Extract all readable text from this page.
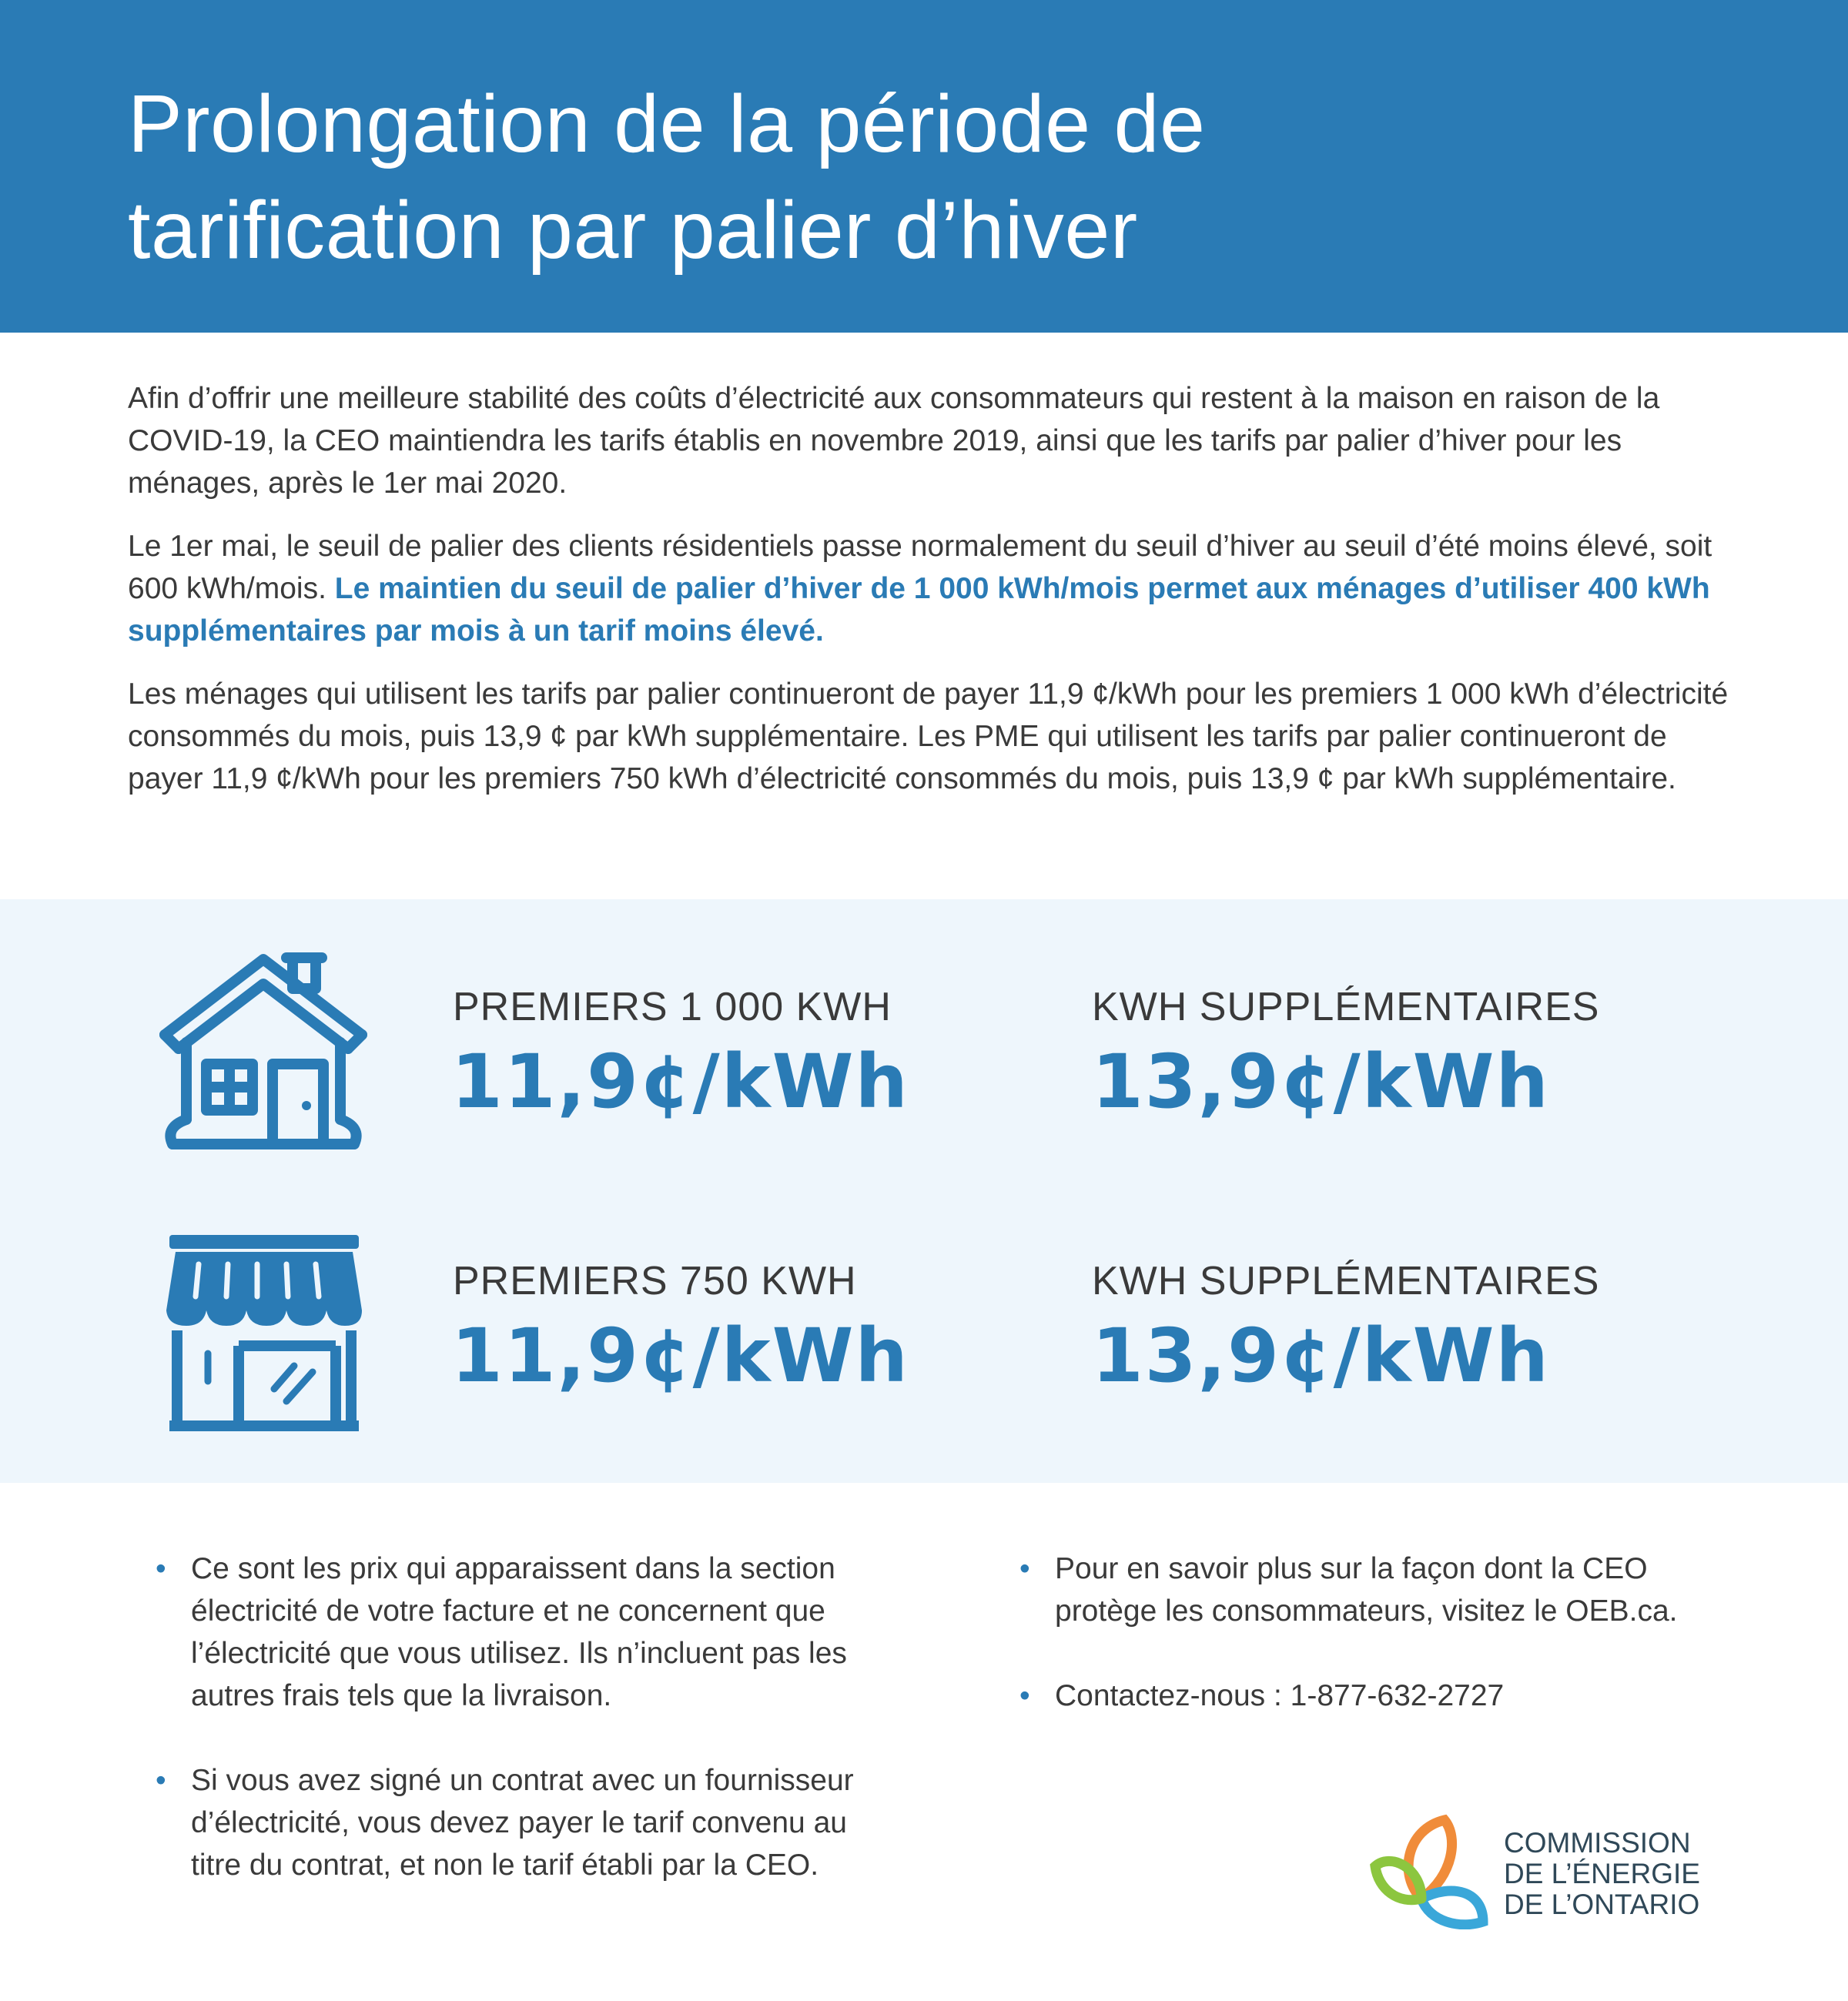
Prolongation de la période de
tarification par palier d’hiver

Afin d’offrir une meilleure stabilité des coûts d’électricité aux consommateurs qui restent à la maison en raison de la COVID-19, la CEO maintiendra les tarifs établis en novembre 2019, ainsi que les tarifs par palier d’hiver pour les ménages, après le 1er mai 2020.

Le 1er mai, le seuil de palier des clients résidentiels passe normalement du seuil d’hiver au seuil d’été moins élevé, soit 600 kWh/mois. Le maintien du seuil de palier d’hiver de 1 000 kWh/mois permet aux ménages d’utiliser 400 kWh supplémentaires par mois à un tarif moins élevé.

Les ménages qui utilisent les tarifs par palier continueront de payer 11,9 ¢/kWh pour les premiers 1 000 kWh d’électricité consommés du mois, puis 13,9 ¢ par kWh supplémentaire. Les PME qui utilisent les tarifs par palier continueront de payer 11,9 ¢/kWh pour les premiers 750 kWh d’électricité consommés du mois, puis 13,9 ¢ par kWh supplémentaire.

PREMIERS 1 000 KWH
11,9¢/kWh
KWH SUPPLÉMENTAIRES
13,9¢/kWh
PREMIERS 750 KWH
11,9¢/kWh
KWH SUPPLÉMENTAIRES
13,9¢/kWh
• Ce sont les prix qui apparaissent dans la section électricité de votre facture et ne concernent que l’électricité que vous utilisez. Ils n’incluent pas les autres frais tels que la livraison.
• Si vous avez signé un contrat avec un fournisseur d’électricité, vous devez payer le tarif convenu au titre du contrat, et non le tarif établi par la CEO.
• Pour en savoir plus sur la façon dont la CEO protège les consommateurs, visitez le OEB.ca.
• Contactez-nous : 1-877-632-2727
COMMISSION
DE L’ÉNERGIE
DE L’ONTARIO
